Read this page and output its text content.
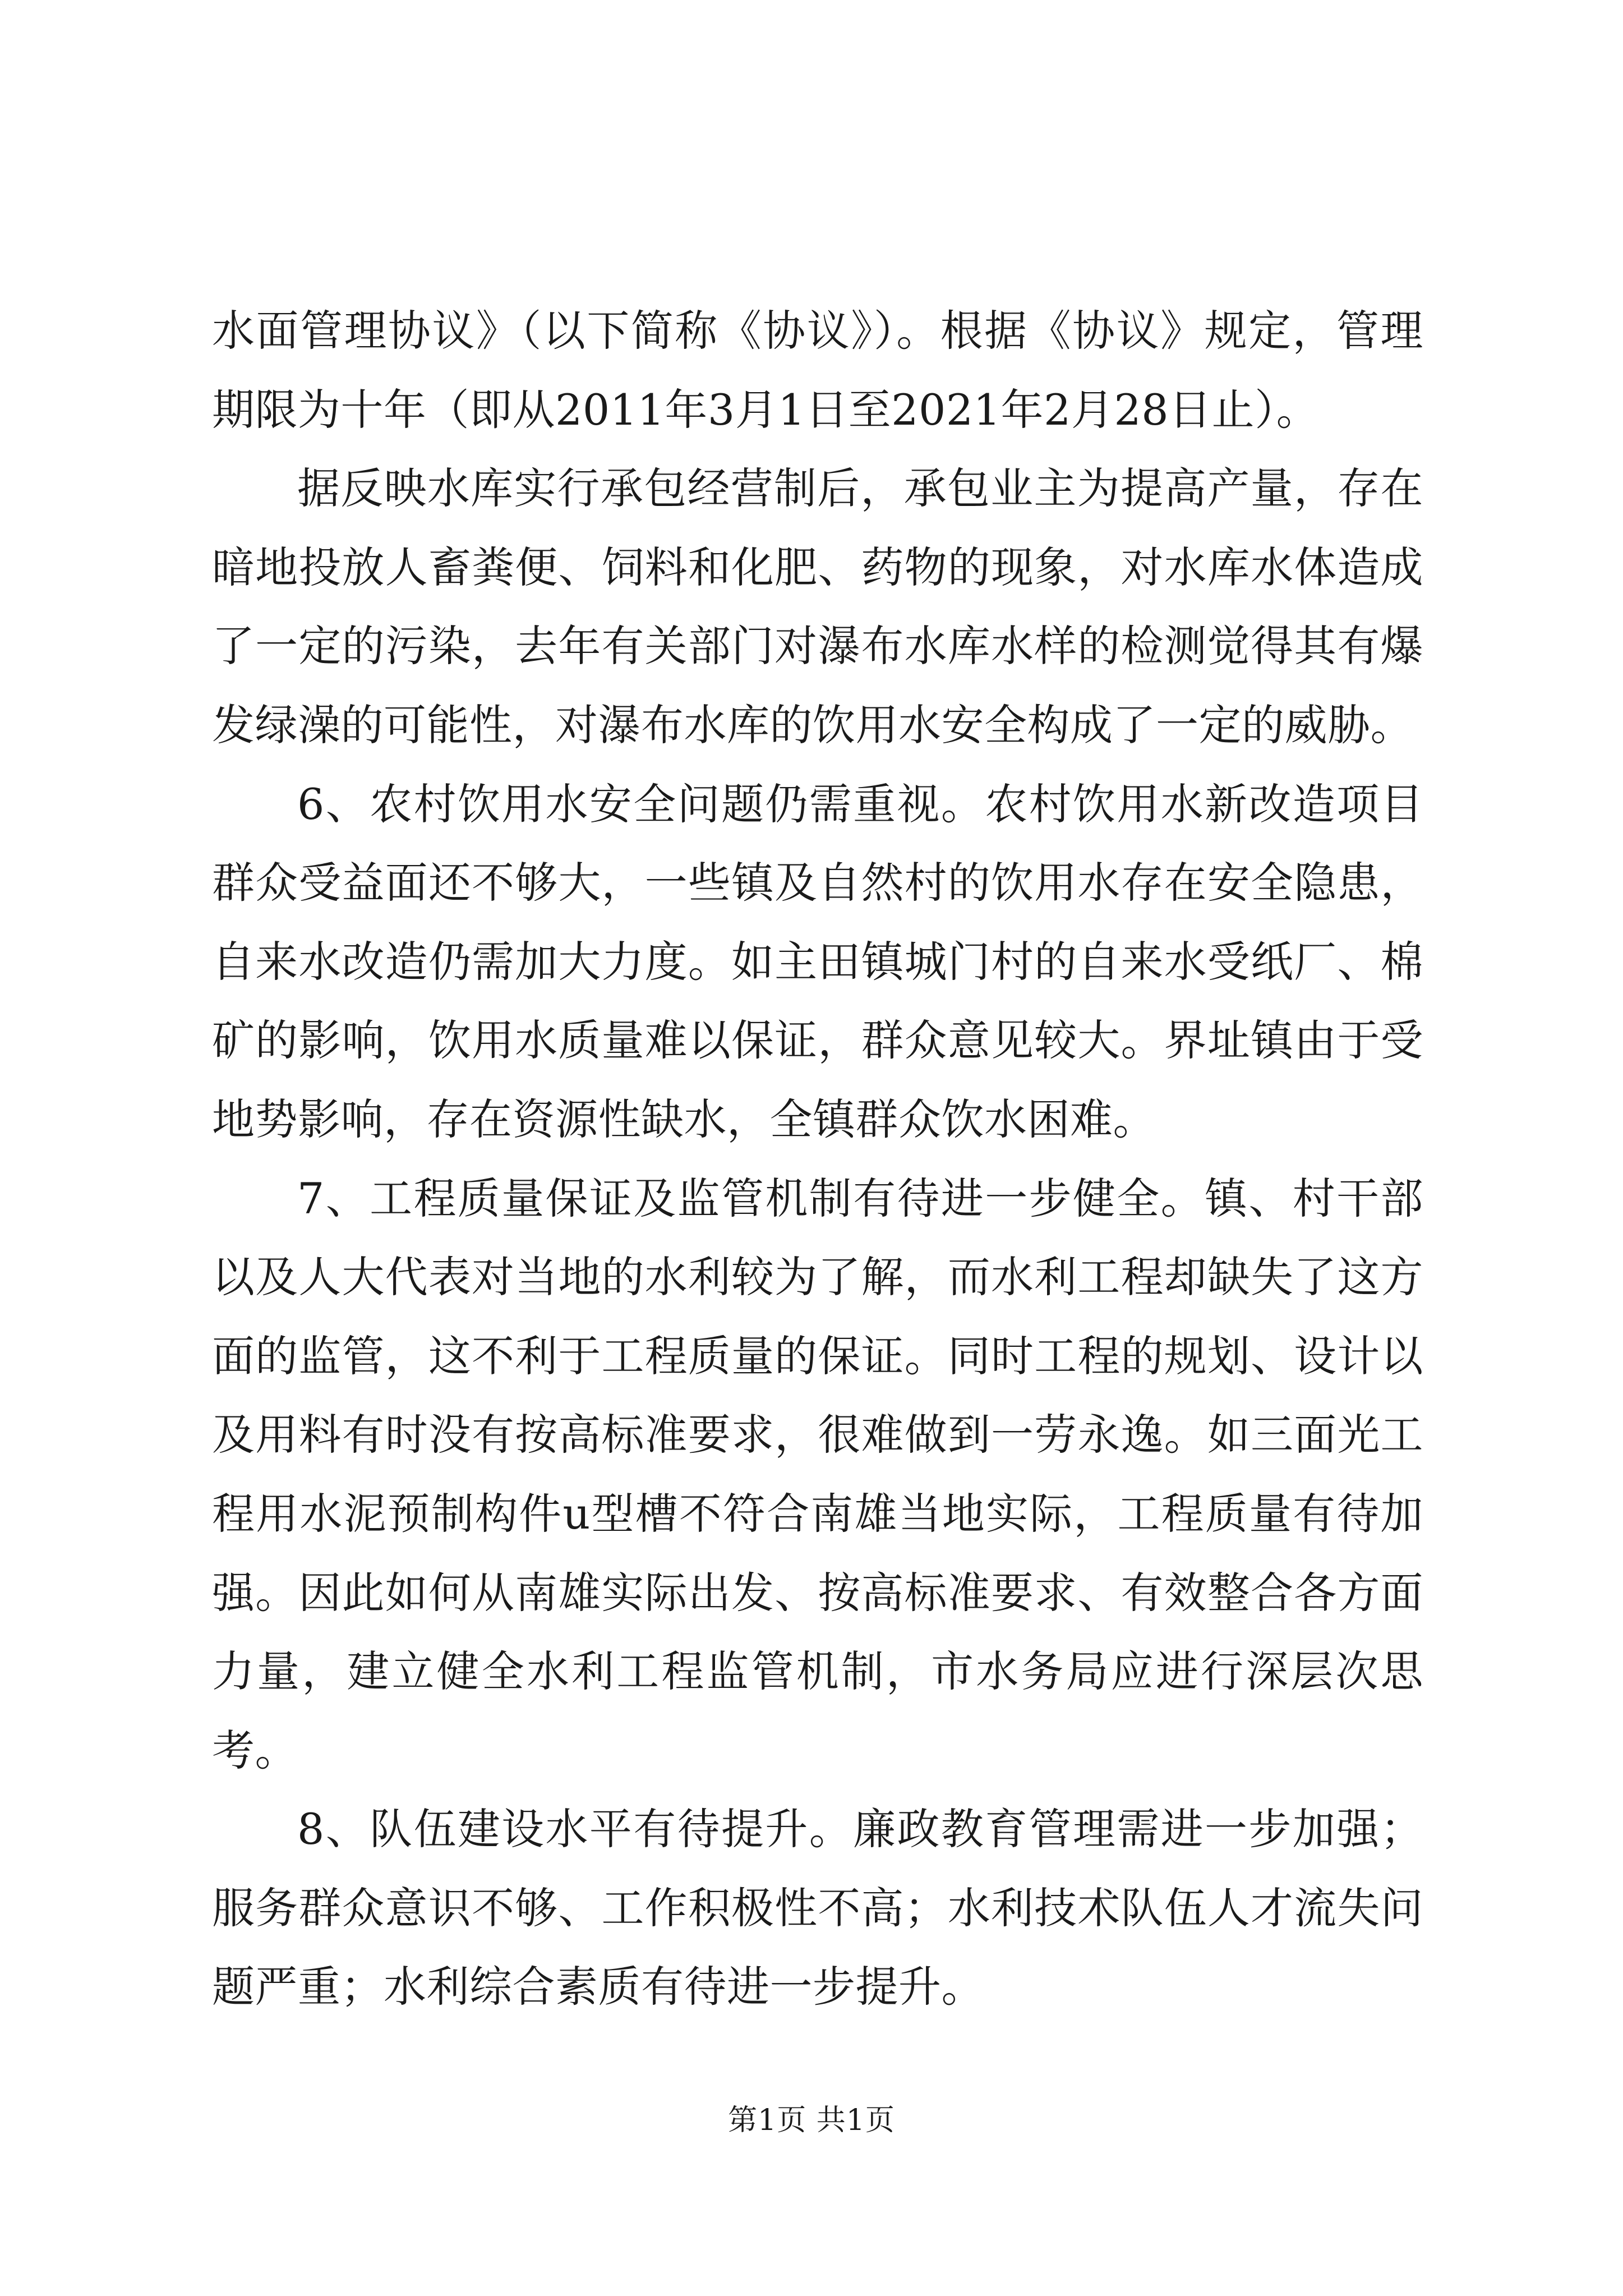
水面管理协议》（以下简称《协议》）。根据《协议》规定，管理期限为十年（即从2011年3月1日至2021年2月28日止）。

据反映水库实行承包经营制后，承包业主为提高产量，存在暗地投放人畜粪便、饲料和化肥、药物的现象，对水库水体造成了一定的污染，去年有关部门对瀑布水库水样的检测觉得其有爆发绿澡的可能性，对瀑布水库的饮用水安全构成了一定的威胁。

6、农村饮用水安全问题仍需重视。农村饮用水新改造项目群众受益面还不够大，一些镇及自然村的饮用水存在安全隐患，自来水改造仍需加大力度。如主田镇城门村的自来水受纸厂、棉矿的影响，饮用水质量难以保证，群众意见较大。界址镇由于受地势影响，存在资源性缺水，全镇群众饮水困难。

7、工程质量保证及监管机制有待进一步健全。镇、村干部以及人大代表对当地的水利较为了解，而水利工程却缺失了这方面的监管，这不利于工程质量的保证。同时工程的规划、设计以及用料有时没有按高标准要求，很难做到一劳永逸。如三面光工程用水泥预制构件u型槽不符合南雄当地实际，工程质量有待加强。因此如何从南雄实际出发、按高标准要求、有效整合各方面力量，建立健全水利工程监管机制，市水务局应进行深层次思考。

8、队伍建设水平有待提升。廉政教育管理需进一步加强；服务群众意识不够、工作积极性不高；水利技术队伍人才流失问题严重；水利综合素质有待进一步提升。

第1页 共1页
